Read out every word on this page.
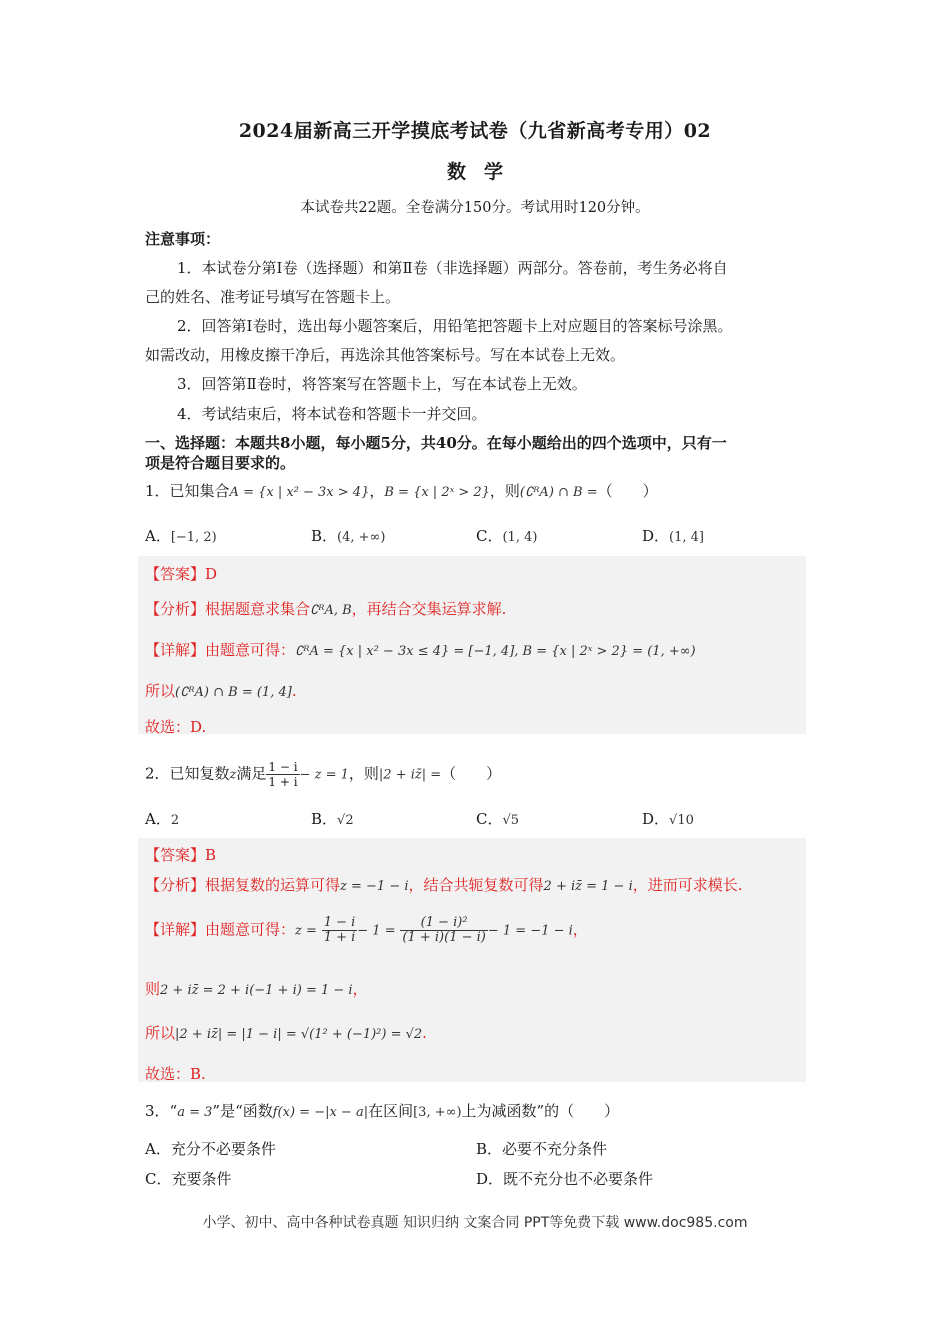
2024届新高三开学摸底考试卷（九省新高考专用）02
数学
本试卷共22题。全卷满分150分。考试用时120分钟。
注意事项：
1．本试卷分第Ⅰ卷（选择题）和第Ⅱ卷（非选择题）两部分。答卷前，考生务必将自
己的姓名、准考证号填写在答题卡上。
2．回答第Ⅰ卷时，选出每小题答案后，用铅笔把答题卡上对应题目的答案标号涂黑。
如需改动，用橡皮擦干净后，再选涂其他答案标号。写在本试卷上无效。
3．回答第Ⅱ卷时，将答案写在答题卡上，写在本试卷上无效。
4．考试结束后，将本试卷和答题卡一并交回。
一、选择题：本题共8小题，每小题5分，共40分。在每小题给出的四个选项中，只有一
项是符合题目要求的。
1．已知集合A = {x | x² − 3x > 4}，B = {x | 2ˣ > 2}，则(∁ᴿA) ∩ B =（　　）
A．[−1, 2)	B．(4, +∞)	C．(1, 4)	D．(1, 4]
【答案】D
【分析】根据题意求集合∁ᴿA, B，再结合交集运算求解.
【详解】由题意可得：∁ᴿA = {x | x² − 3x ≤ 4} = [−1, 4], B = {x | 2ˣ > 2} = (1, +∞)
所以(∁ᴿA) ∩ B = (1, 4].
故选：D.
2．已知复数z满足 $\frac{1 - i}{1 + i} - z = 1$，则|2 + iz̄| =（　　）
A．2	B．√2	C．√5	D．√10
【答案】B
【分析】根据复数的运算可得z = −1 − i，结合共轭复数可得2 + iz̄ = 1 − i，进而可求模长.
【详解】由题意可得：$z = \frac{1 - i}{1 + i} - 1 = \frac{\text{(1 − i)²}}{(1 + i)(1 - i)} - 1 = -1 - i$，
则2 + iz̄ = 2 + i(−1 + i) = 1 − i，
所以|2 + iz̄| = |1 − i| = √(1² + (−1)²) = √2.
故选：B.
3．“a = 3”是“函数f(x) = −|x − a|在区间[3, +∞)上为减函数”的（　　）
A．充分不必要条件	B．必要不充分条件
C．充要条件	D．既不充分也不必要条件
小学、初中、高中各种试卷真题 知识归纳 文案合同 PPT等免费下载 www.doc985.com
